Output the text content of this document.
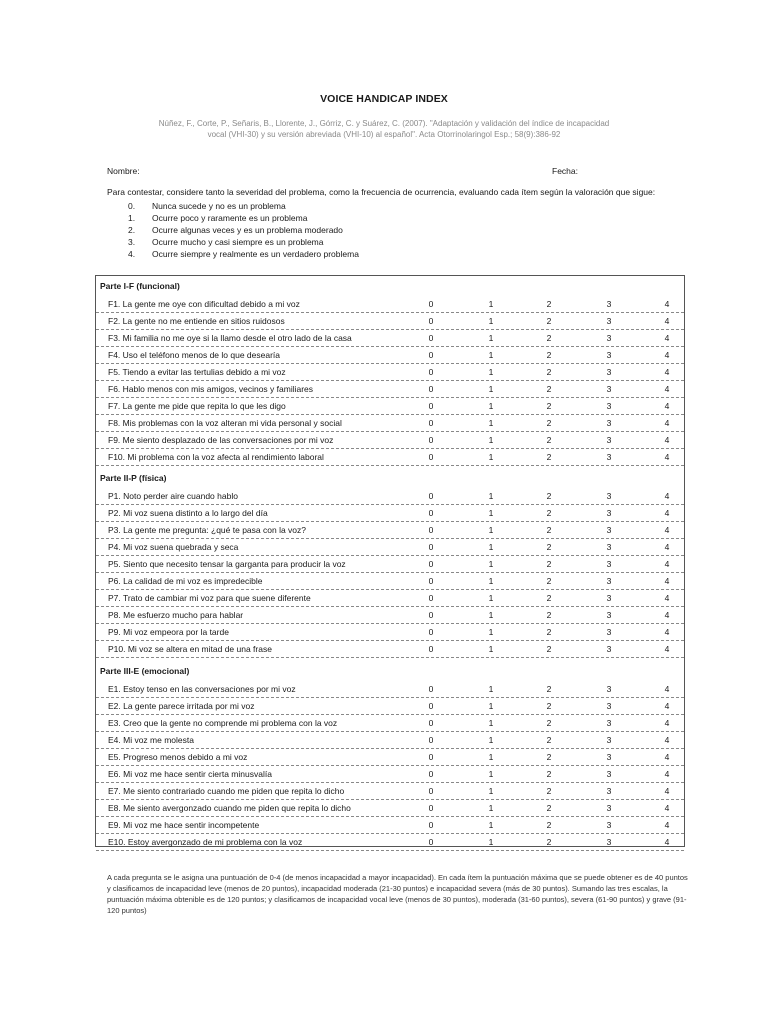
VOICE HANDICAP INDEX
Núñez, F., Corte, P., Señaris, B., Llorente, J., Górriz, C. y Suárez, C. (2007). "Adaptación y validación del índice de incapacidad vocal (VHI-30) y su versión abreviada (VHI-10) al español". Acta Otorrinolaringol Esp.; 58(9):386-92
Nombre:	Fecha:
Para contestar, considere tanto la severidad del problema, como la frecuencia de ocurrencia, evaluando cada ítem según la valoración que sigue:
0.	Nunca sucede y no es un problema
1.	Ocurre poco y raramente es un problema
2.	Ocurre algunas veces y es un problema moderado
3.	Ocurre mucho y casi siempre es un problema
4.	Ocurre siempre y realmente es un verdadero problema
Parte I-F (funcional)
F1. La gente me oye con dificultad debido a mi voz	0	1	2	3	4
F2. La gente no me entiende en sitios ruidosos	0	1	2	3	4
F3. Mi familia no me oye si la llamo desde el otro lado de la casa	0	1	2	3	4
F4. Uso el teléfono menos de lo que desearía	0	1	2	3	4
F5. Tiendo a evitar las tertulias debido a mi voz	0	1	2	3	4
F6. Hablo menos con mis amigos, vecinos y familiares	0	1	2	3	4
F7. La gente me pide que repita lo que les digo	0	1	2	3	4
F8. Mis problemas con la voz alteran mi vida personal y social	0	1	2	3	4
F9. Me siento desplazado de las conversaciones por mi voz	0	1	2	3	4
F10. Mi problema con la voz afecta al rendimiento laboral	0	1	2	3	4
Parte II-P (física)
P1. Noto perder aire cuando hablo	0	1	2	3	4
P2. Mi voz suena distinto a lo largo del día	0	1	2	3	4
P3. La gente me pregunta: ¿qué te pasa con la voz?	0	1	2	3	4
P4. Mi voz suena quebrada y seca	0	1	2	3	4
P5. Siento que necesito tensar la garganta para producir la voz	0	1	2	3	4
P6. La calidad de mi voz es impredecible	0	1	2	3	4
P7. Trato de cambiar mi voz para que suene diferente	0	1	2	3	4
P8. Me esfuerzo mucho para hablar	0	1	2	3	4
P9. Mi voz empeora por la tarde	0	1	2	3	4
P10. Mi voz se altera en mitad de una frase	0	1	2	3	4
Parte III-E (emocional)
E1. Estoy tenso en las conversaciones por mi voz	0	1	2	3	4
E2. La gente parece irritada por mi voz	0	1	2	3	4
E3. Creo que la gente no comprende mi problema con la voz	0	1	2	3	4
E4. Mi voz me molesta	0	1	2	3	4
E5. Progreso menos debido a mi voz	0	1	2	3	4
E6. Mi voz me hace sentir cierta minusvalía	0	1	2	3	4
E7. Me siento contrariado cuando me piden que repita lo dicho	0	1	2	3	4
E8. Me siento avergonzado cuando me piden que repita lo dicho	0	1	2	3	4
E9. Mi voz me hace sentir incompetente	0	1	2	3	4
E10. Estoy avergonzado de mi problema con la voz	0	1	2	3	4
A cada pregunta se le asigna una puntuación de 0-4 (de menos incapacidad a mayor incapacidad). En cada ítem la puntuación máxima que se puede obtener es de 40 puntos y clasificamos de incapacidad leve (menos de 20 puntos), incapacidad moderada (21-30 puntos) e incapacidad severa (más de 30 puntos). Sumando las tres escalas, la puntuación máxima obtenible es de 120 puntos; y clasificamos de incapacidad vocal leve (menos de 30 puntos), moderada (31-60 puntos), severa (61-90 puntos) y grave (91-120 puntos)
